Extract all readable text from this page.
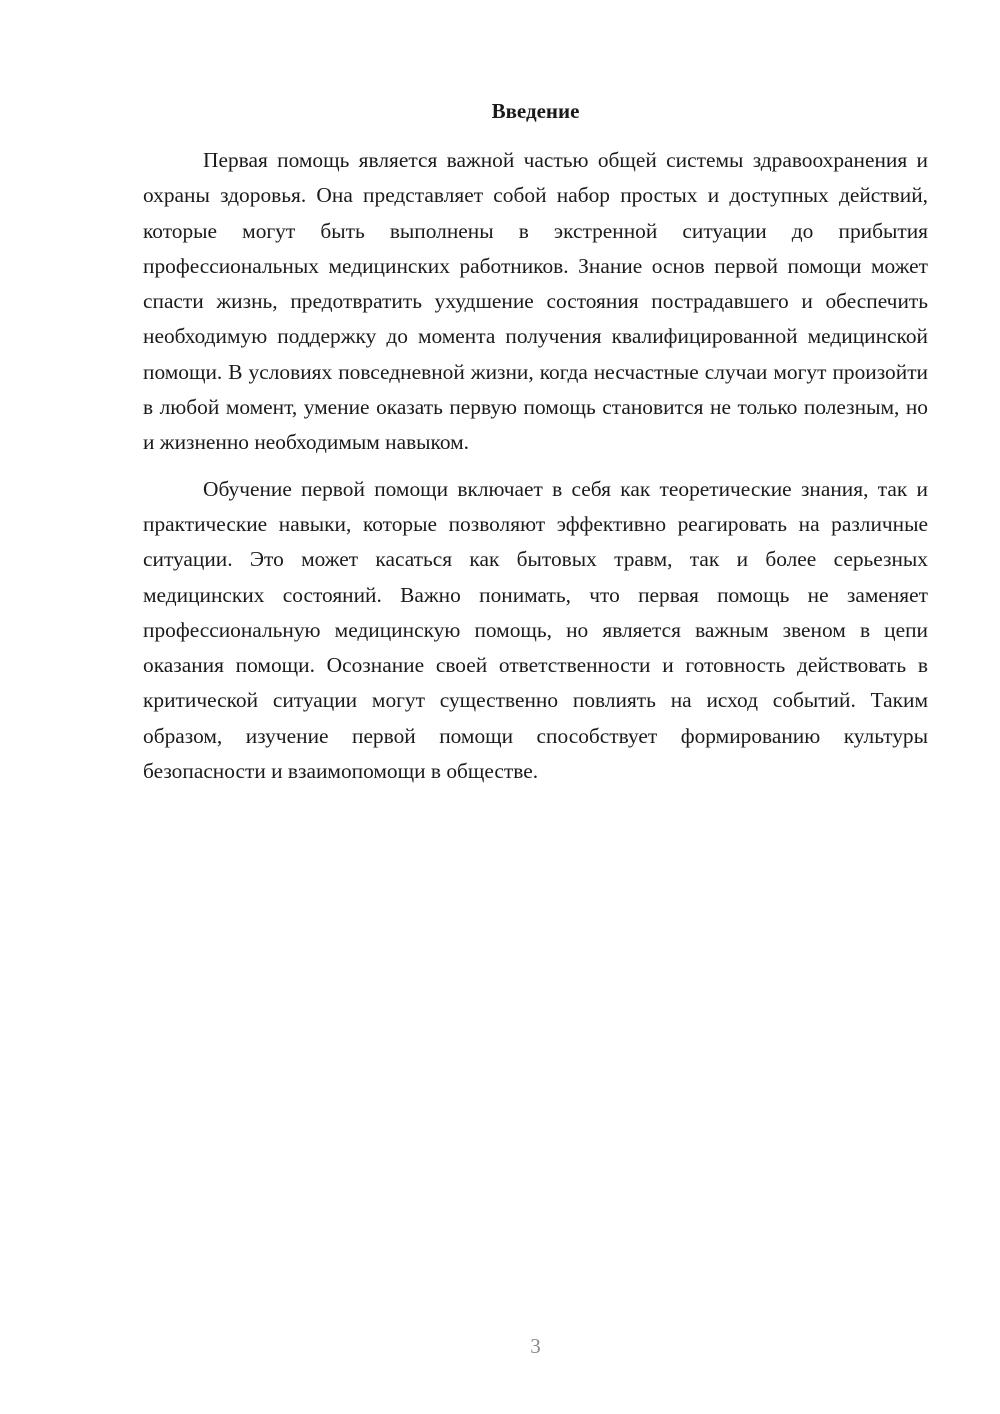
Введение

Первая помощь является важной частью общей системы здравоохранения и охраны здоровья. Она представляет собой набор простых и доступных действий, которые могут быть выполнены в экстренной ситуации до прибытия профессиональных медицинских работников. Знание основ первой помощи может спасти жизнь, предотвратить ухудшение состояния пострадавшего и обеспечить необходимую поддержку до момента получения квалифицированной медицинской помощи. В условиях повседневной жизни, когда несчастные случаи могут произойти в любой момент, умение оказать первую помощь становится не только полезным, но и жизненно необходимым навыком.

Обучение первой помощи включает в себя как теоретические знания, так и практические навыки, которые позволяют эффективно реагировать на различные ситуации. Это может касаться как бытовых травм, так и более серьезных медицинских состояний. Важно понимать, что первая помощь не заменяет профессиональную медицинскую помощь, но является важным звеном в цепи оказания помощи. Осознание своей ответственности и готовность действовать в критической ситуации могут существенно повлиять на исход событий. Таким образом, изучение первой помощи способствует формированию культуры безопасности и взаимопомощи в обществе.

3
